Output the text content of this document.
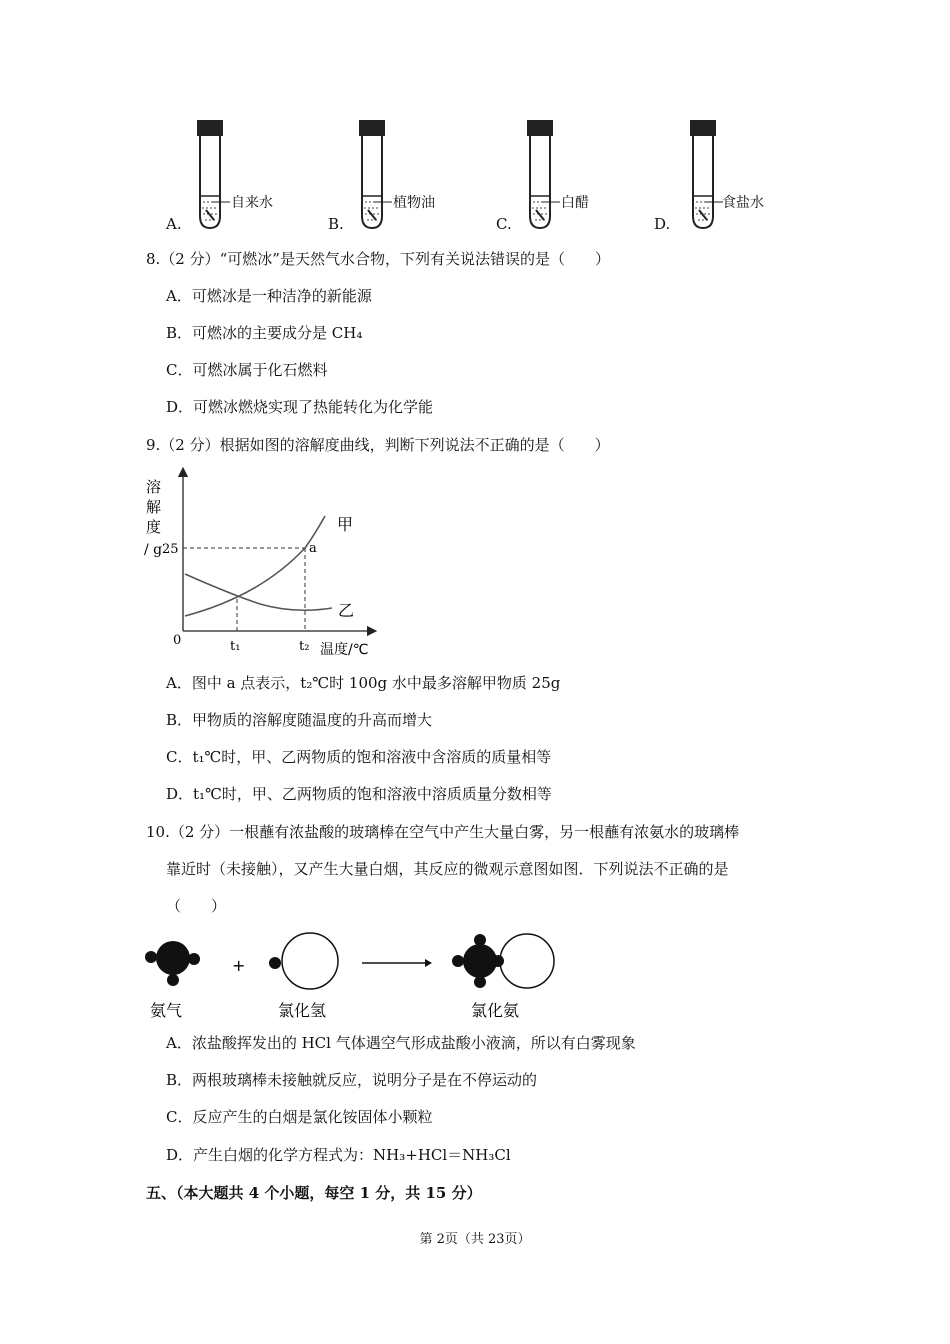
A.
自来水
B.
植物油
C.
白醋
D.
食盐水
8.（2 分）“可燃冰”是天然气水合物，下列有关说法错误的是（　　）
A．可燃冰是一种洁净的新能源
B．可燃冰的主要成分是 CH₄
C．可燃冰属于化石燃料
D．可燃冰燃烧实现了热能转化为化学能
9.（2 分）根据如图的溶解度曲线，判断下列说法不正确的是（　　）
溶
解
度
/ g 25
0
甲
乙
a
t₁	t₂ 温度/℃
A．图中 a 点表示，t₂℃时 100g 水中最多溶解甲物质 25g
B．甲物质的溶解度随温度的升高而增大
C．t₁℃时，甲、乙两物质的饱和溶液中含溶质的质量相等
D．t₁℃时，甲、乙两物质的饱和溶液中溶质质量分数相等
10.（2 分）一根蘸有浓盐酸的玻璃棒在空气中产生大量白雾，另一根蘸有浓氨水的玻璃棒
靠近时（未接触），又产生大量白烟，其反应的微观示意图如图．下列说法不正确的是
（　　）
+
氨气	氯化氢	氯化氨
A．浓盐酸挥发出的 HCl 气体遇空气形成盐酸小液滴，所以有白雾现象
B．两根玻璃棒未接触就反应，说明分子是在不停运动的
C．反应产生的白烟是氯化铵固体小颗粒
D．产生白烟的化学方程式为：NH₃+HCl＝NH₃Cl
五、（本大题共 4 个小题，每空 1 分，共 15 分）
第 2页（共 23页）
